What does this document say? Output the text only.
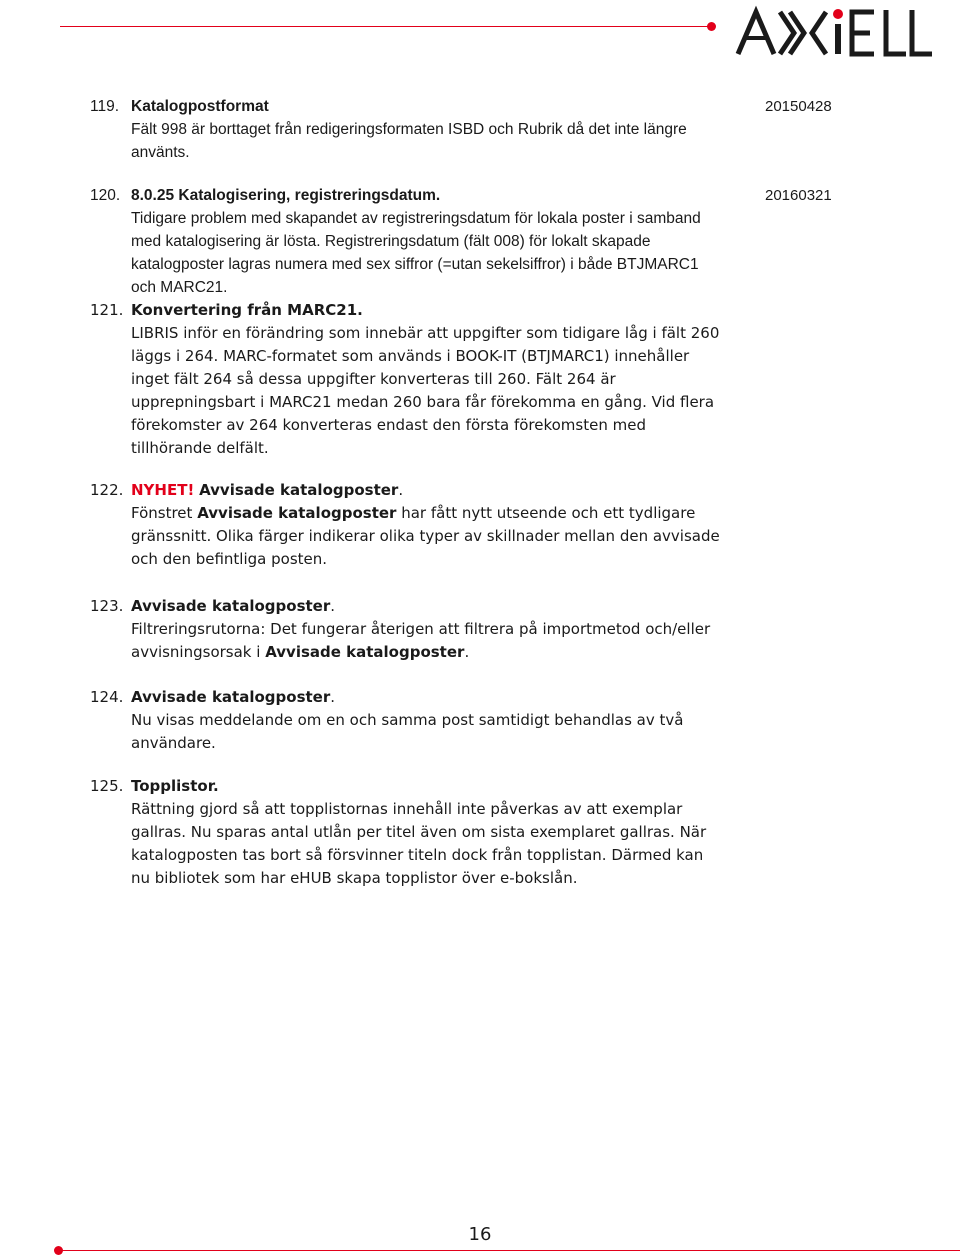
119. Katalogpostformat

Fält 998 är borttaget från redigeringsformaten ISBD och Rubrik då det inte längre använts.

20150428
120. 8.0.25 Katalogisering, registreringsdatum.

Tidigare problem med skapandet av registreringsdatum för lokala poster i samband med katalogisering är lösta. Registreringsdatum (fält 008) för lokalt skapade katalogposter lagras numera med sex siffror (=utan sekelsiffror) i både BTJMARC1 och MARC21.

20160321
121. Konvertering från MARC21.

LIBRIS inför en förändring som innebär att uppgifter som tidigare låg i fält 260 läggs i 264. MARC-formatet som används i BOOK-IT (BTJMARC1) innehåller inget fält 264 så dessa uppgifter konverteras till 260. Fält 264 är upprepningsbart i MARC21 medan 260 bara får förekomma en gång. Vid flera förekomster av 264 konverteras endast den första förekomsten med tillhörande delfält.

122. NYHET! Avvisade katalogposter.

Fönstret Avvisade katalogposter har fått nytt utseende och ett tydligare gränssnitt. Olika färger indikerar olika typer av skillnader mellan den avvisade och den befintliga posten.

123. Avvisade katalogposter.

Filtreringsrutorna: Det fungerar återigen att filtrera på importmetod och/eller avvisningsorsak i Avvisade katalogposter.

124. Avvisade katalogposter.

Nu visas meddelande om en och samma post samtidigt behandlas av två användare.

125. Topplistor.

Rättning gjord så att topplistornas innehåll inte påverkas av att exemplar gallras. Nu sparas antal utlån per titel även om sista exemplaret gallras. När katalogposten tas bort så försvinner titeln dock från topplistan. Därmed kan nu bibliotek som har eHUB skapa topplistor över e-bokslån.

16
